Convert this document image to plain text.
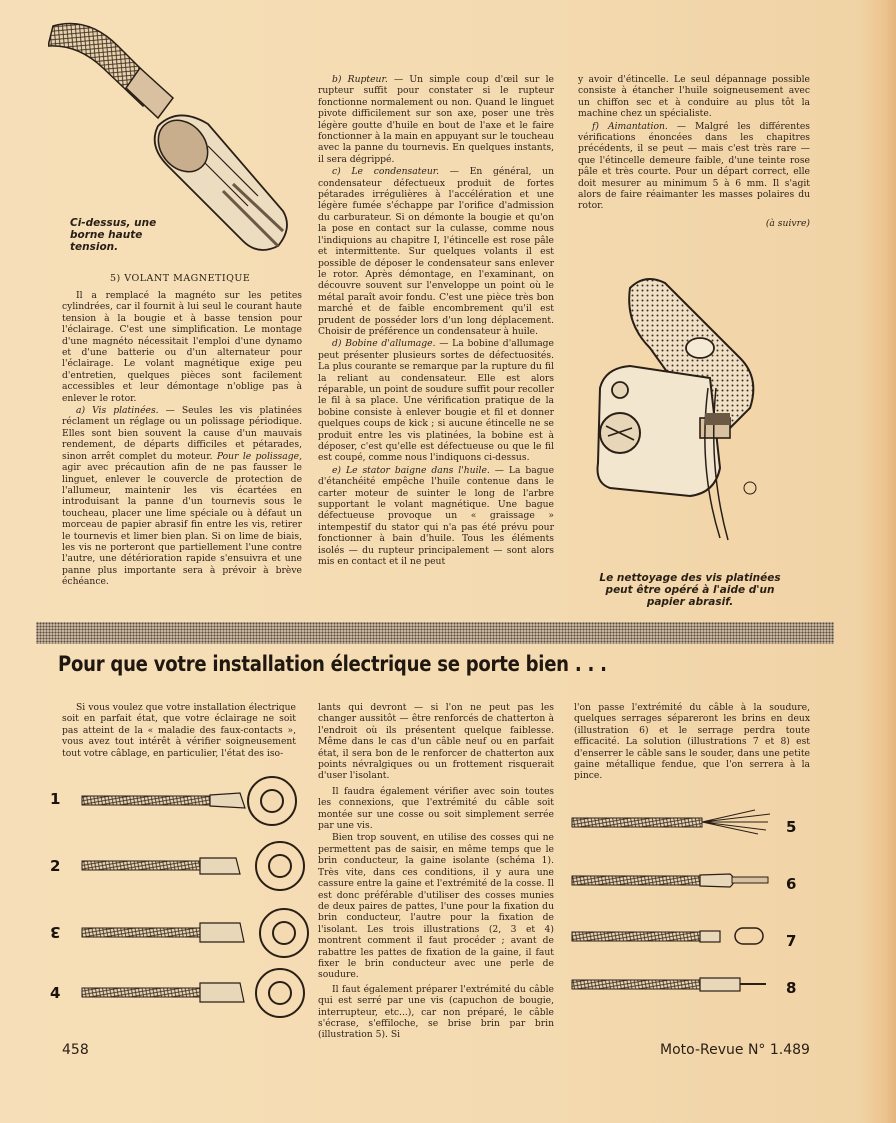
Ci-dessus, une borne haute tension.
5) VOLANT MAGNETIQUE

Il a remplacé la magnéto sur les petites cylindrées, car il fournit à lui seul le courant haute tension à la bougie et à basse tension pour l'éclairage. C'est une simplification. Le montage d'une magnéto nécessitait l'emploi d'une dynamo et d'une batterie ou d'un alternateur pour l'éclairage. Le volant magnétique exige peu d'entretien, quelques pièces sont facilement accessibles et leur démontage n'oblige pas à enlever le rotor.

a) Vis platinées. — Seules les vis platinées réclament un réglage ou un polissage périodique. Elles sont bien souvent la cause d'un mauvais rendement, de départs difficiles et pétarades, sinon arrêt complet du moteur. Pour le polissage, agir avec précaution afin de ne pas fausser le linguet, enlever le couvercle de protection de l'allumeur, maintenir les vis écartées en introduisant la panne d'un tournevis sous le toucheau, placer une lime spéciale ou à défaut un morceau de papier abrasif fin entre les vis, retirer le tournevis et limer bien plan. Si on lime de biais, les vis ne porteront que partiellement l'une contre l'autre, une détérioration rapide s'ensuivra et une panne plus importante sera à prévoir à brève échéance.

b) Rupteur. — Un simple coup d'œil sur le rupteur suffit pour constater si le rupteur fonctionne normalement ou non. Quand le linguet pivote difficilement sur son axe, poser une très légère goutte d'huile en bout de l'axe et le faire fonctionner à la main en appuyant sur le toucheau avec la panne du tournevis. En quelques instants, il sera dégrippé.

c) Le condensateur. — En général, un condensateur défectueux produit de fortes pétarades irrégulières à l'accélération et une légère fumée s'échappe par l'orifice d'admission du carburateur. Si on démonte la bougie et qu'on la pose en contact sur la culasse, comme nous l'indiquions au chapitre I, l'étincelle est rose pâle et intermittente. Sur quelques volants il est possible de déposer le condensateur sans enlever le rotor. Après démontage, en l'examinant, on découvre souvent sur l'enveloppe un point où le métal paraît avoir fondu. C'est une pièce très bon marché et de faible encombrement qu'il est prudent de posséder lors d'un long déplacement. Choisir de préférence un condensateur à huile.

d) Bobine d'allumage. — La bobine d'allumage peut présenter plusieurs sortes de défectuosités. La plus courante se remarque par la rupture du fil la reliant au condensateur. Elle est alors réparable, un point de soudure suffit pour recoller le fil à sa place. Une vérification pratique de la bobine consiste à enlever bougie et fil et donner quelques coups de kick ; si aucune étincelle ne se produit entre les vis platinées, la bobine est à déposer, c'est qu'elle est défectueuse ou que le fil est coupé, comme nous l'indiquons ci-dessus.

e) Le stator baigne dans l'huile. — La bague d'étanchéité empêche l'huile contenue dans le carter moteur de suinter le long de l'arbre supportant le volant magnétique. Une bague défectueuse provoque un « graissage » intempestif du stator qui n'a pas été prévu pour fonctionner à bain d'huile. Tous les éléments isolés — du rupteur principalement — sont alors mis en contact et il ne peut

y avoir d'étincelle. Le seul dépannage possible consiste à étancher l'huile soigneusement avec un chiffon sec et à conduire au plus tôt la machine chez un spécialiste.

f) Aimantation. — Malgré les différentes vérifications énoncées dans les chapitres précédents, il se peut — mais c'est très rare — que l'étincelle demeure faible, d'une teinte rose pâle et très courte. Pour un départ correct, elle doit mesurer au minimum 5 à 6 mm. Il s'agit alors de faire réaimanter les masses polaires du rotor.

(à suivre)

Le nettoyage des vis platinées peut être opéré à l'aide d'un papier abrasif.
Pour que votre installation électrique se porte bien . . .

Si vous voulez que votre installation électrique soit en parfait état, que votre éclairage ne soit pas atteint de la « maladie des faux-contacts », vous avez tout intérêt à vérifier soigneusement tout votre câblage, en particulier, l'état des iso-

lants qui devront — si l'on ne peut pas les changer aussitôt — être renforcés de chatterton à l'endroit où ils présentent quelque faiblesse. Même dans le cas d'un câble neuf ou en parfait état, il sera bon de le renforcer de chatterton aux points névralgiques ou un frottement risquerait d'user l'isolant.

Il faudra également vérifier avec soin toutes les connexions, que l'extrémité du câble soit montée sur une cosse ou soit simplement serrée par une vis.

Bien trop souvent, en utilise des cosses qui ne permettent pas de saisir, en même temps que le brin conducteur, la gaine isolante (schéma 1). Très vite, dans ces conditions, il y aura une cassure entre la gaine et l'extrémité de la cosse. Il est donc préférable d'utiliser des cosses munies de deux paires de pattes, l'une pour la fixation du brin conducteur, l'autre pour la fixation de l'isolant. Les trois illustrations (2, 3 et 4) montrent comment il faut procéder ; avant de rabattre les pattes de fixation de la gaine, il faut fixer le brin conducteur avec une perle de soudure.

Il faut également préparer l'extrémité du câble qui est serré par une vis (capuchon de bougie, interrupteur, etc...), car non préparé, le câble s'écrase, s'effiloche, se brise brin par brin (illustration 5). Si

l'on passe l'extrémité du câble à la soudure, quelques serrages sépareront les brins en deux (illustration 6) et le serrage perdra toute efficacité. La solution (illustrations 7 et 8) est d'enserrer le câble sans le souder, dans une petite gaine métallique fendue, que l'on serrera à la pince.

1
2
3
4
5
6
7
8
458	Moto-Revue N° 1.489
